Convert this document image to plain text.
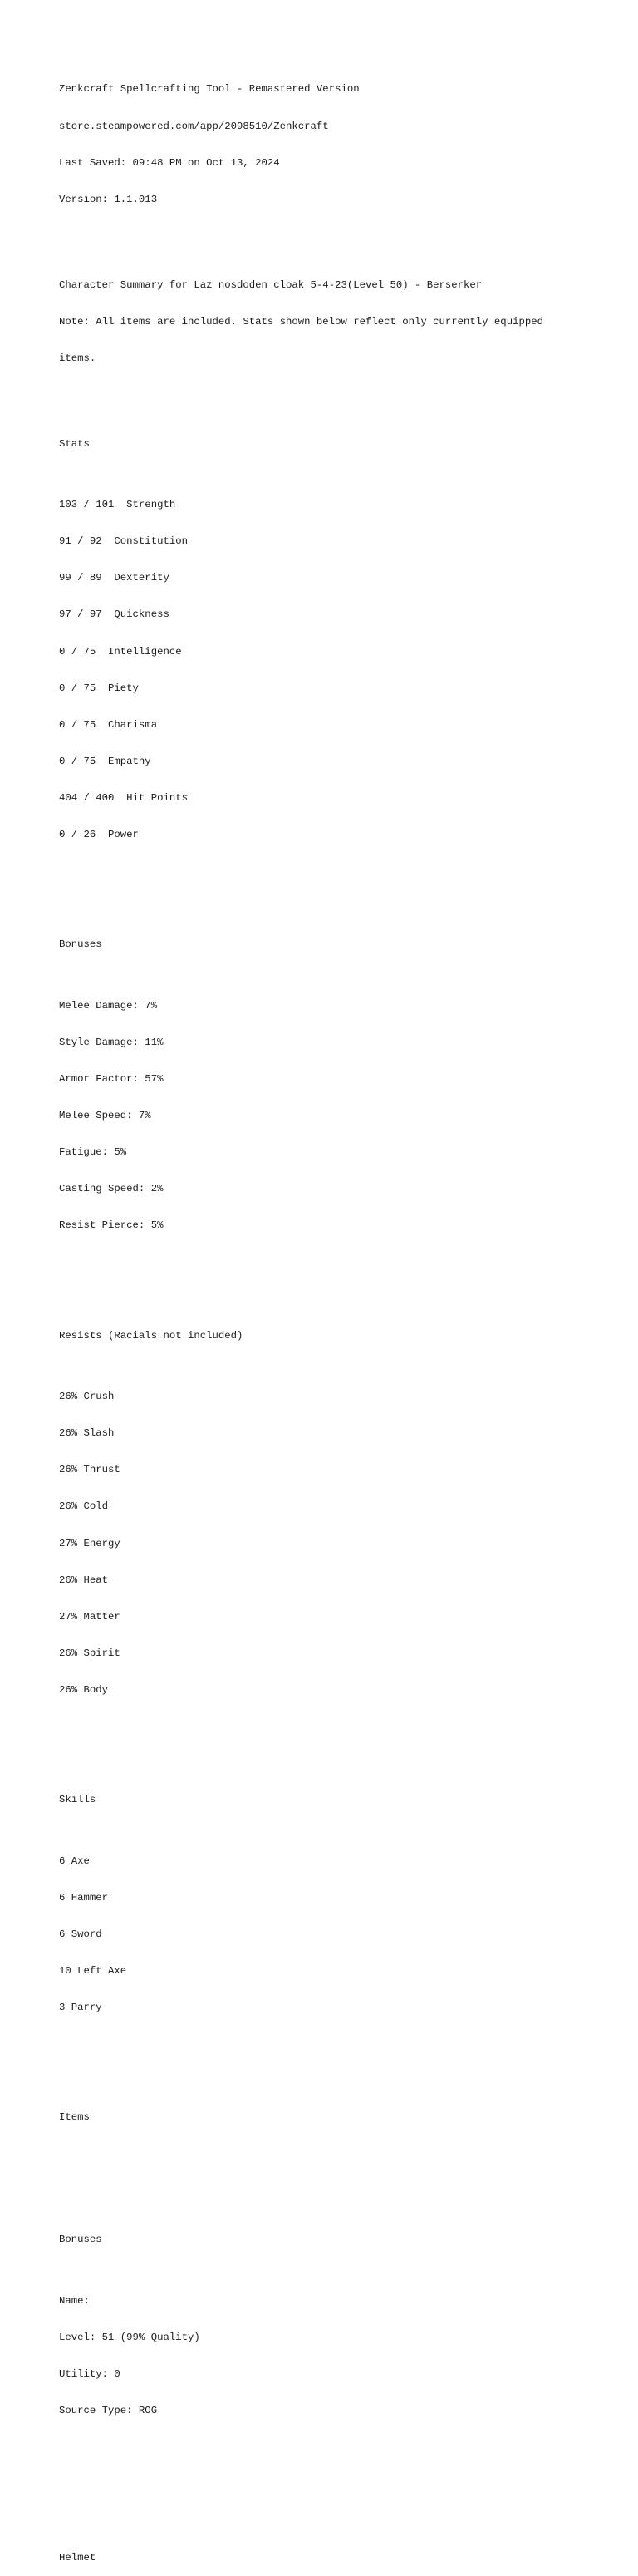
Zenkcraft Spellcrafting Tool - Remastered Version

store.steampowered.com/app/2098510/Zenkcraft

Last Saved: 09:48 PM on Oct 13, 2024

Version: 1.1.013

Character Summary for Laz nosdoden cloak 5-4-23(Level 50) - Berserker

Note: All items are included. Stats shown below reflect only currently equipped

items.

Stats

103 / 101  Strength

91 / 92  Constitution

99 / 89  Dexterity

97 / 97  Quickness

0 / 75  Intelligence

0 / 75  Piety

0 / 75  Charisma

0 / 75  Empathy

404 / 400  Hit Points

0 / 26  Power

Bonuses

Melee Damage: 7%

Style Damage: 11%

Armor Factor: 57%

Melee Speed: 7%

Fatigue: 5%

Casting Speed: 2%

Resist Pierce: 5%

Resists (Racials not included)

26% Crush

26% Slash

26% Thrust

26% Cold

27% Energy

26% Heat

27% Matter

26% Spirit

26% Body

Skills

6 Axe

6 Hammer

6 Sword

10 Left Axe

3 Parry

Items

Bonuses

Name:

Level: 51 (99% Quality)

Utility: 0

Source Type: ROG

Helmet
